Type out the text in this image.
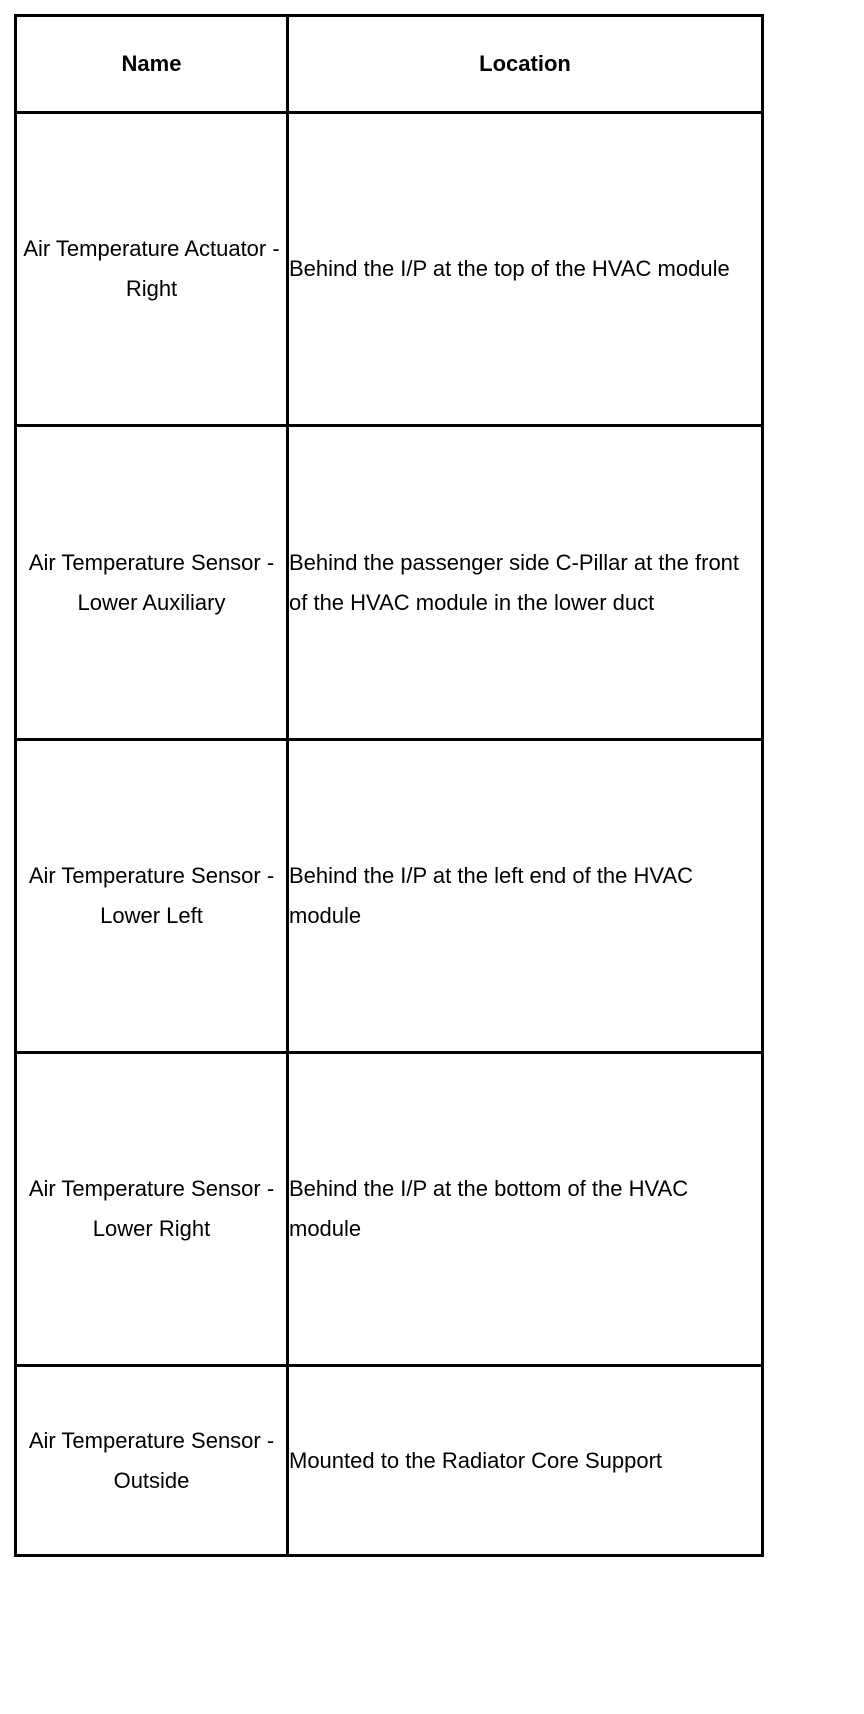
Name	Location
Air Temperature Actuator - Right	Behind the I/P at the top of the HVAC module
Air Temperature Sensor - Lower Auxiliary	Behind the passenger side C-Pillar at the front of the HVAC module in the lower duct
Air Temperature Sensor - Lower Left	Behind the I/P at the left end of the HVAC module
Air Temperature Sensor - Lower Right	Behind the I/P at the bottom of the HVAC module
Air Temperature Sensor - Outside	Mounted to the Radiator Core Support
